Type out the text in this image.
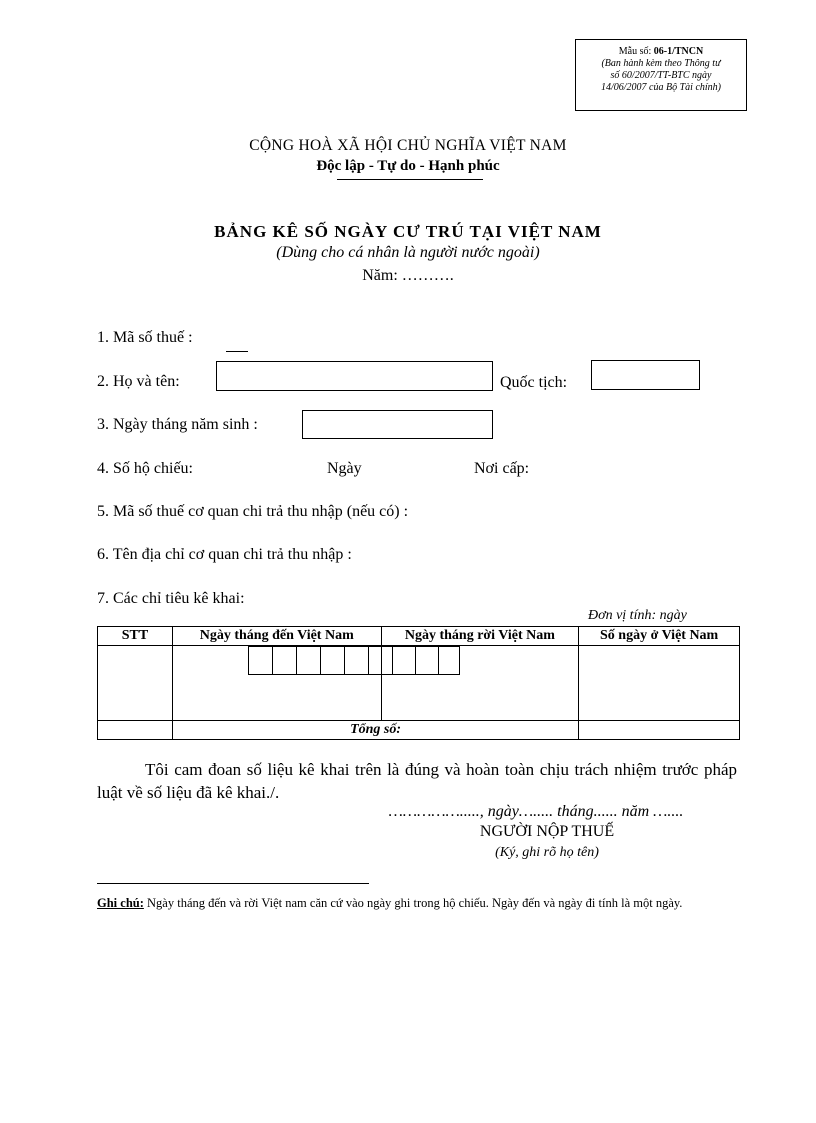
Mẫu số: 06-1/TNCN
(Ban hành kèm theo Thông tư
số 60/2007/TT-BTC ngày
14/06/2007 của Bộ Tài chính)
CỘNG HOÀ XÃ HỘI CHỦ NGHĨA VIỆT NAM
Độc lập - Tự do - Hạnh phúc
BẢNG KÊ SỐ NGÀY CƯ TRÚ TẠI VIỆT NAM
(Dùng cho cá nhân là người nước ngoài)
Năm: ……….
1. Mã số thuế :
2. Họ và tên:	Quốc tịch:
3. Ngày tháng năm sinh :
4. Số hộ chiếu:	Ngày	Nơi cấp:
5. Mã số thuế cơ quan chi trả thu nhập (nếu có) :
6. Tên địa chỉ cơ quan chi trả thu nhập :
7. Các chỉ tiêu kê khai:
Đơn vị tính: ngày
STT	Ngày tháng đến Việt Nam	Ngày tháng rời Việt Nam	Số ngày ở Việt Nam

	Tổng số:		
Tôi cam đoan số liệu kê khai trên là đúng và hoàn toàn chịu trách nhiệm trước pháp luật về số liệu đã kê khai./.
……………....., ngày…..... tháng...... năm …....
NGƯỜI NỘP THUẾ
(Ký, ghi rõ họ tên)
Ghi chú: Ngày tháng đến và rời Việt nam căn cứ vào ngày ghi trong hộ chiếu. Ngày đến và ngày đi tính là một ngày.
